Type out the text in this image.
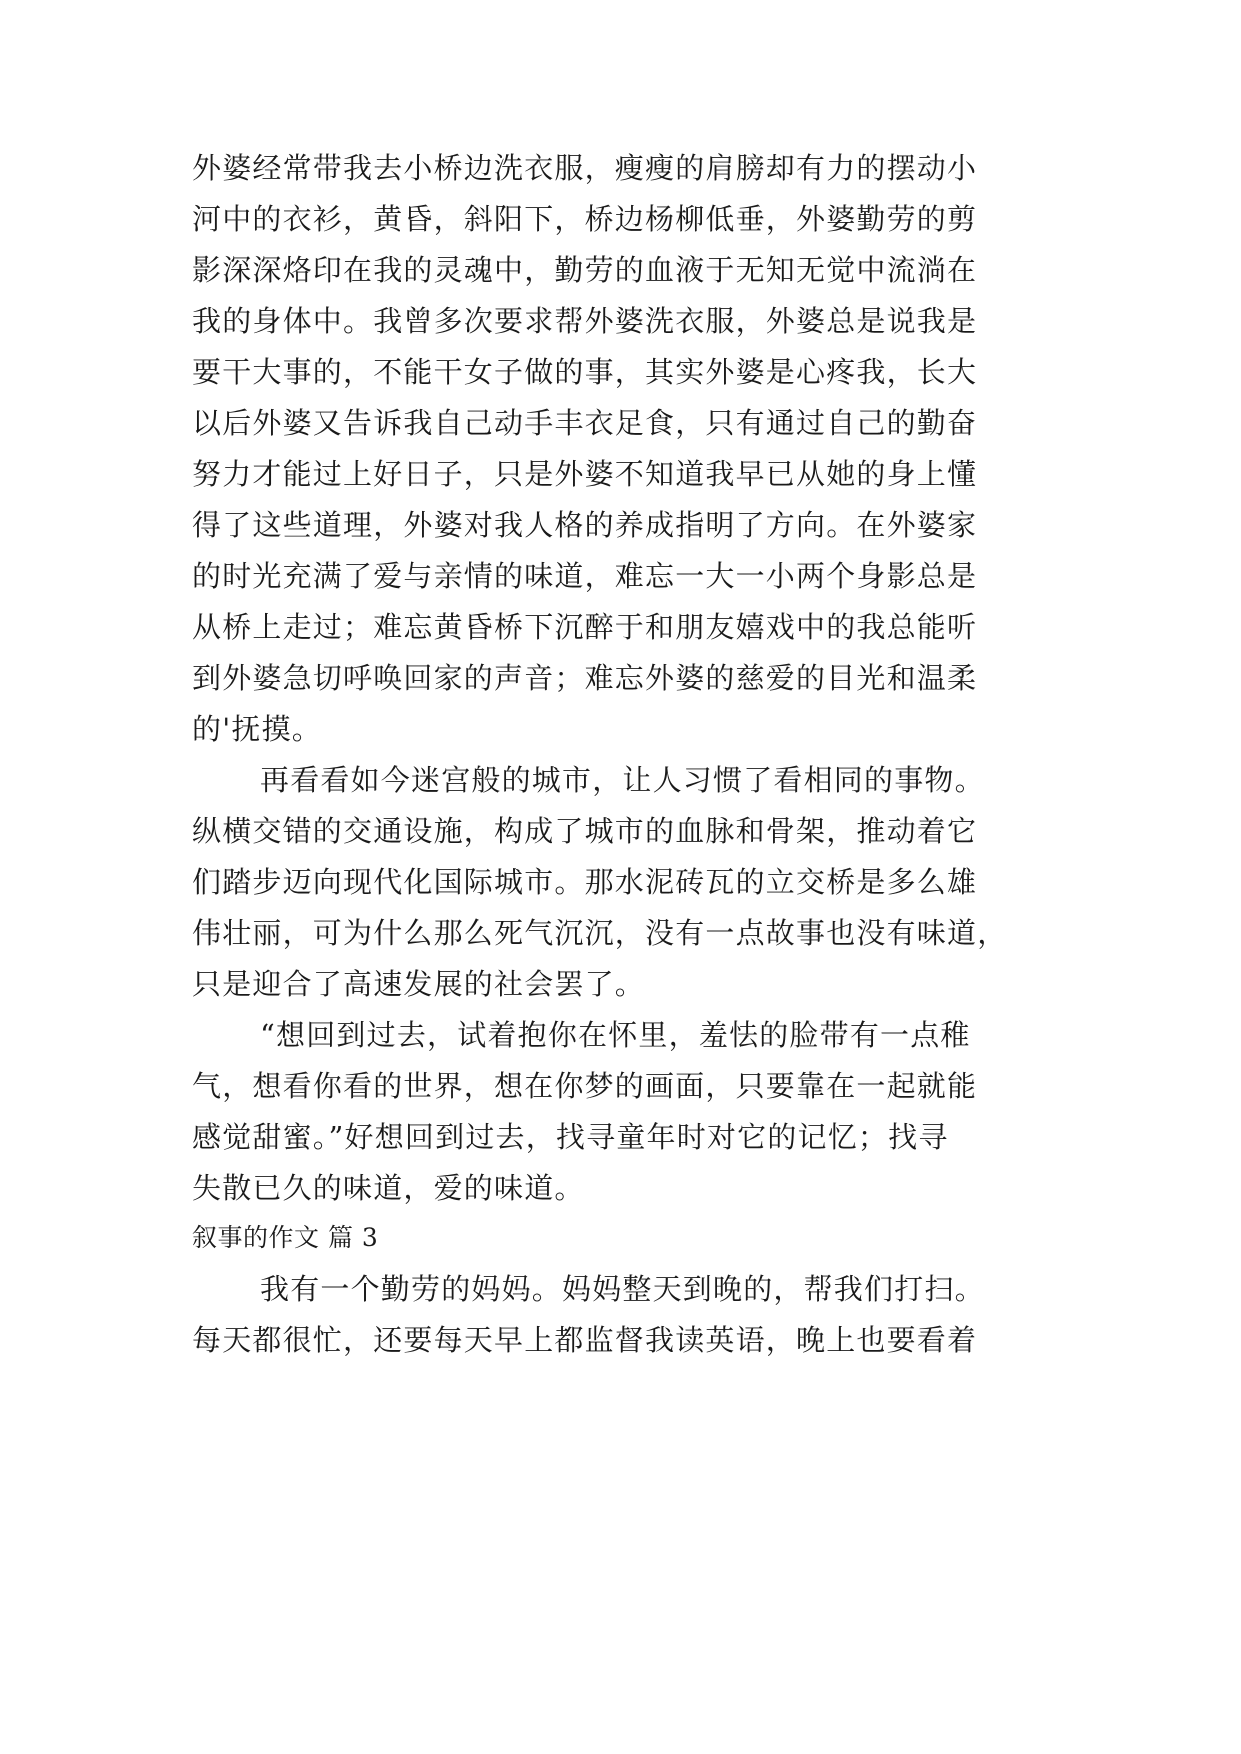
外婆经常带我去小桥边洗衣服，瘦瘦的肩膀却有力的摆动小
河中的衣衫，黄昏，斜阳下，桥边杨柳低垂，外婆勤劳的剪
影深深烙印在我的灵魂中，勤劳的血液于无知无觉中流淌在
我的身体中。我曾多次要求帮外婆洗衣服，外婆总是说我是
要干大事的，不能干女子做的事，其实外婆是心疼我，长大
以后外婆又告诉我自己动手丰衣足食，只有通过自己的勤奋
努力才能过上好日子，只是外婆不知道我早已从她的身上懂
得了这些道理，外婆对我人格的养成指明了方向。在外婆家
的时光充满了爱与亲情的味道，难忘一大一小两个身影总是
从桥上走过；难忘黄昏桥下沉醉于和朋友嬉戏中的我总能听
到外婆急切呼唤回家的声音；难忘外婆的慈爱的目光和温柔
的'抚摸。
再看看如今迷宫般的城市，让人习惯了看相同的事物。
纵横交错的交通设施，构成了城市的血脉和骨架，推动着它
们踏步迈向现代化国际城市。那水泥砖瓦的立交桥是多么雄
伟壮丽，可为什么那么死气沉沉，没有一点故事也没有味道，
只是迎合了高速发展的社会罢了。
“想回到过去，试着抱你在怀里，羞怯的脸带有一点稚
气，想看你看的世界，想在你梦的画面，只要靠在一起就能
感觉甜蜜。”好想回到过去，找寻童年时对它的记忆；找寻
失散已久的味道，爱的味道。
叙事的作文 篇 3
我有一个勤劳的妈妈。妈妈整天到晚的，帮我们打扫。
每天都很忙，还要每天早上都监督我读英语，晚上也要看着
